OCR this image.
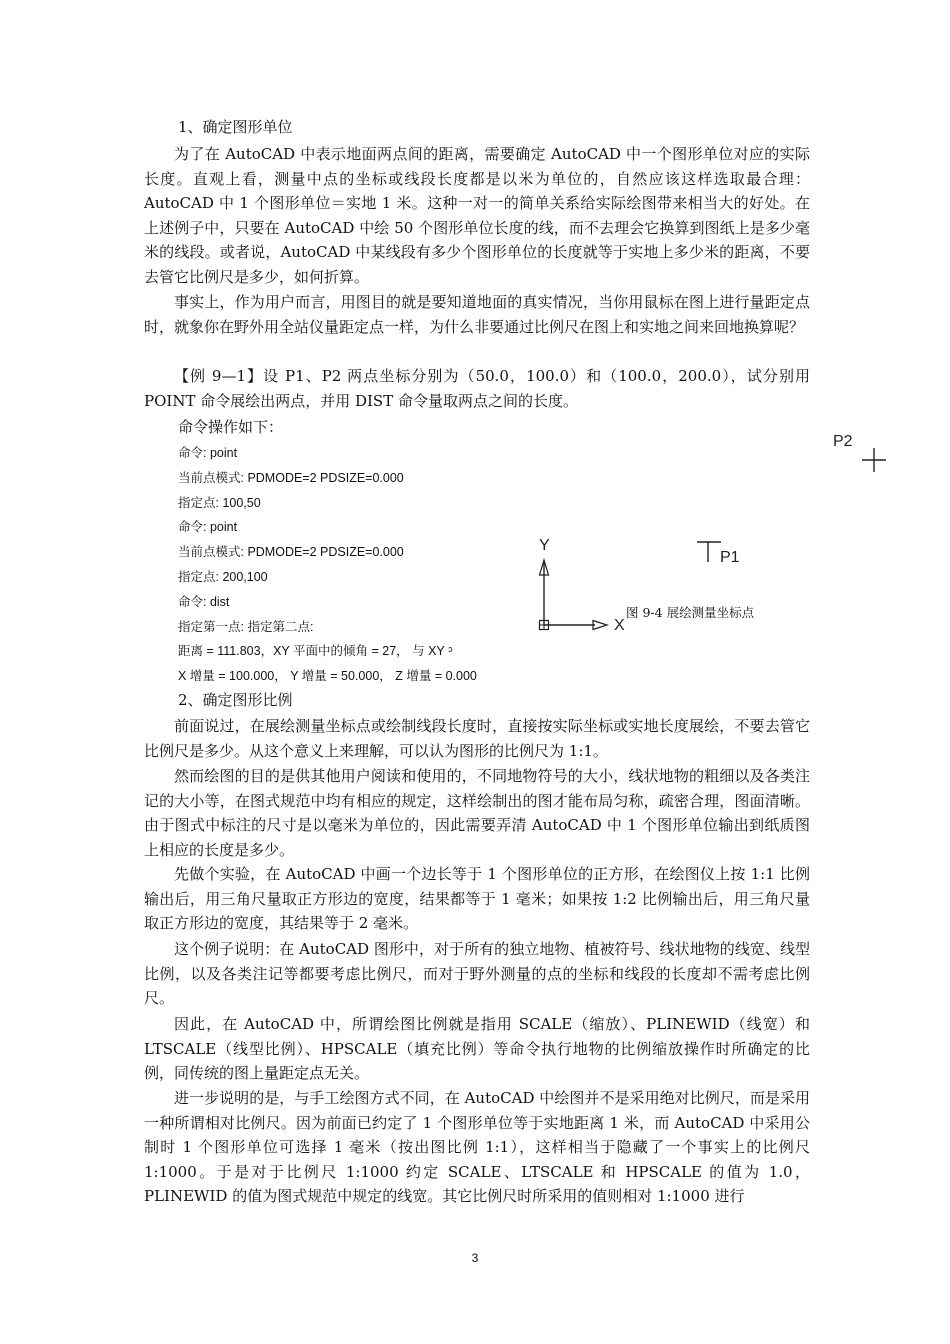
1、确定图形单位
为了在 AutoCAD 中表示地面两点间的距离，需要确定 AutoCAD 中一个图形单位对应的实际长度。直观上看，测量中点的坐标或线段长度都是以米为单位的，自然应该这样选取最合理：AutoCAD 中 1 个图形单位＝实地 1 米。这种一对一的简单关系给实际绘图带来相当大的好处。在上述例子中，只要在 AutoCAD 中绘 50 个图形单位长度的线，而不去理会它换算到图纸上是多少毫米的线段。或者说，AutoCAD 中某线段有多少个图形单位的长度就等于实地上多少米的距离，不要去管它比例尺是多少，如何折算。
事实上，作为用户而言，用图目的就是要知道地面的真实情况，当你用鼠标在图上进行量距定点时，就象你在野外用全站仪量距定点一样，为什么非要通过比例尺在图上和实地之间来回地换算呢？
【例 9—1】设 P1、P2 两点坐标分别为（50.0，100.0）和（100.0，200.0），试分别用 POINT 命令展绘出两点，并用 DIST 命令量取两点之间的长度。
命令操作如下：
命令: point
当前点模式: PDMODE=2 PDSIZE=0.000
指定点: 100,50
命令: point
当前点模式: PDMODE=2 PDSIZE=0.000
指定点: 200,100
命令: dist
指定第一点: 指定第二点:
距离 = 111.803，XY 平面中的倾角 = 27， 与 XY ᵓ
X 增量 = 100.000， Y 增量 = 50.000， Z 增量 = 0.000
Y
X
P1
P2
图 9-4 展绘测量坐标点
2、确定图形比例
前面说过，在展绘测量坐标点或绘制线段长度时，直接按实际坐标或实地长度展绘，不要去管它比例尺是多少。从这个意义上来理解，可以认为图形的比例尺为 1:1。
然而绘图的目的是供其他用户阅读和使用的，不同地物符号的大小，线状地物的粗细以及各类注记的大小等，在图式规范中均有相应的规定，这样绘制出的图才能布局匀称，疏密合理，图面清晰。由于图式中标注的尺寸是以毫米为单位的，因此需要弄清 AutoCAD 中 1 个图形单位输出到纸质图上相应的长度是多少。
先做个实验，在 AutoCAD 中画一个边长等于 1 个图形单位的正方形，在绘图仪上按 1:1 比例输出后，用三角尺量取正方形边的宽度，结果都等于 1 毫米；如果按 1:2 比例输出后，用三角尺量取正方形边的宽度，其结果等于 2 毫米。
这个例子说明：在 AutoCAD 图形中，对于所有的独立地物、植被符号、线状地物的线宽、线型比例，以及各类注记等都要考虑比例尺，而对于野外测量的点的坐标和线段的长度却不需考虑比例尺。
因此，在 AutoCAD 中，所谓绘图比例就是指用 SCALE（缩放）、PLINEWID（线宽）和 LTSCALE（线型比例）、HPSCALE（填充比例）等命令执行地物的比例缩放操作时所确定的比例，同传统的图上量距定点无关。
进一步说明的是，与手工绘图方式不同，在 AutoCAD 中绘图并不是采用绝对比例尺，而是采用一种所谓相对比例尺。因为前面已约定了 1 个图形单位等于实地距离 1 米，而 AutoCAD 中采用公制时 1 个图形单位可选择 1 毫米（按出图比例 1:1），这样相当于隐藏了一个事实上的比例尺 1:1000。于是对于比例尺 1:1000 约定 SCALE、LTSCALE 和 HPSCALE 的值为 1.0，PLINEWID 的值为图式规范中规定的线宽。其它比例尺时所采用的值则相对 1:1000 进行
3
